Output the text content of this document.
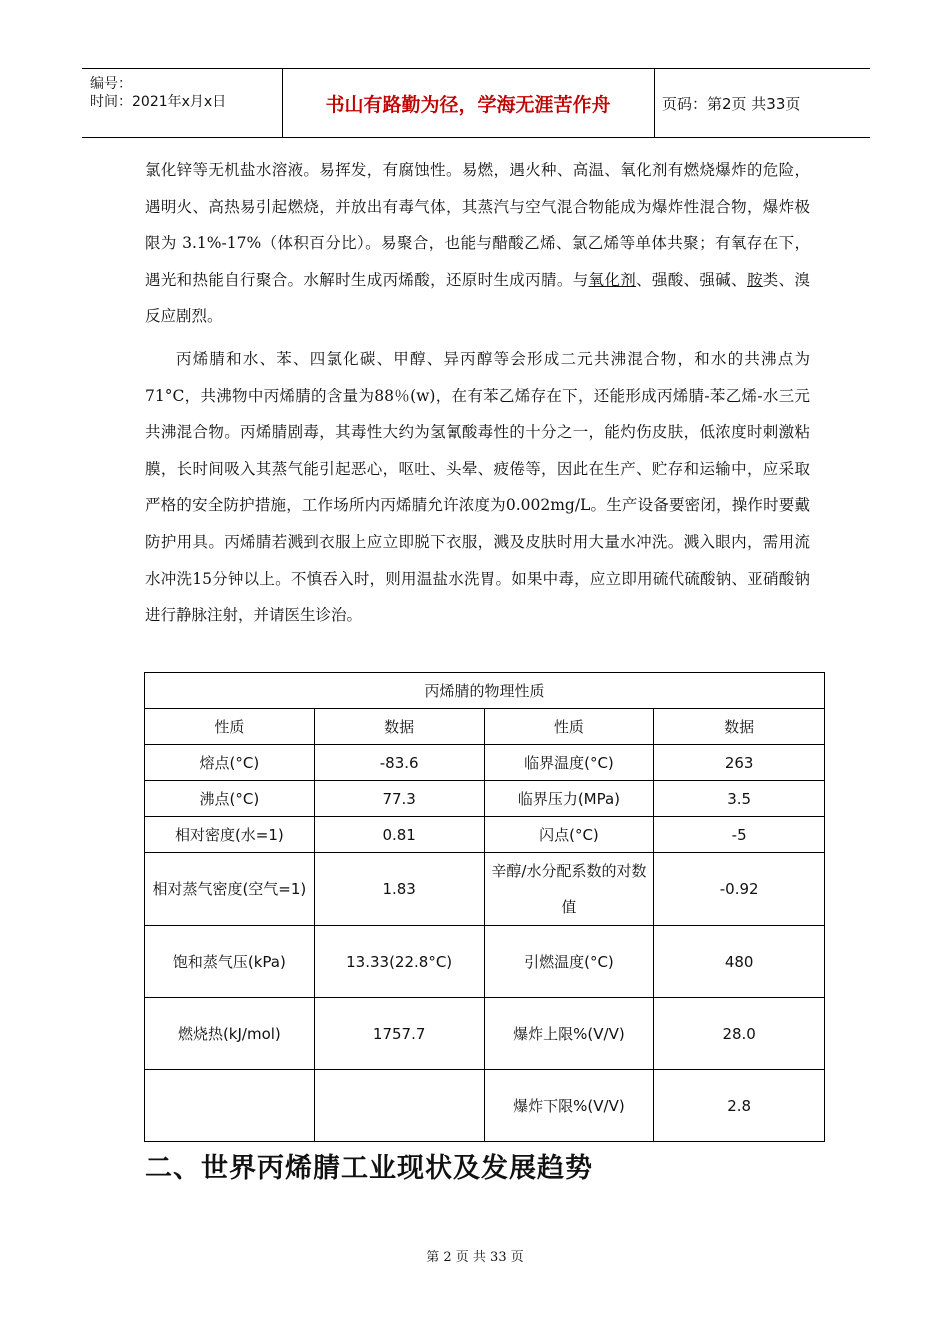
编号：
时间：2021年x月x日	书山有路勤为径，学海无涯苦作舟	页码：第2页 共33页

氯化锌等无机盐水溶液。易挥发，有腐蚀性。易燃，遇火种、高温、氧化剂有燃烧爆炸的危险，遇明火、高热易引起燃烧，并放出有毒气体，其蒸汽与空气混合物能成为爆炸性混合物，爆炸极限为 3.1%-17%（体积百分比）。易聚合，也能与醋酸乙烯、氯乙烯等单体共聚；有氧存在下，遇光和热能自行聚合。水解时生成丙烯酸，还原时生成丙腈。与氧化剂、强酸、强碱、胺类、溴反应剧烈。

丙烯腈和水、苯、四氯化碳、甲醇、异丙醇等会形成二元共沸混合物，和水的共沸点为71°C，共沸物中丙烯腈的含量为88％(w)，在有苯乙烯存在下，还能形成丙烯腈-苯乙烯-水三元共沸混合物。丙烯腈剧毒，其毒性大约为氢氰酸毒性的十分之一，能灼伤皮肤，低浓度时刺激粘膜，长时间吸入其蒸气能引起恶心，呕吐、头晕、疲倦等，因此在生产、贮存和运输中，应采取严格的安全防护措施，工作场所内丙烯腈允许浓度为0.002mg/L。生产设备要密闭，操作时要戴防护用具。丙烯腈若溅到衣服上应立即脱下衣服，溅及皮肤时用大量水冲洗。溅入眼内，需用流水冲洗15分钟以上。不慎吞入时，则用温盐水洗胃。如果中毒，应立即用硫代硫酸钠、亚硝酸钠进行静脉注射，并请医生诊治。

丙烯腈的物理性质			
性质	数据	性质	数据
熔点(°C)	-83.6	临界温度(°C)	263
沸点(°C)	77.3	临界压力(MPa)	3.5
相对密度(水=1)	0.81	闪点(°C)	-5
相对蒸气密度(空气=1)	1.83	辛醇/水分配系数的对数值	-0.92
饱和蒸气压(kPa)	13.33(22.8°C)	引燃温度(°C)	480
燃烧热(kJ/mol)	1757.7	爆炸上限%(V/V)	28.0
		爆炸下限%(V/V)	2.8
二、世界丙烯腈工业现状及发展趋势
第 2 页 共 33 页
